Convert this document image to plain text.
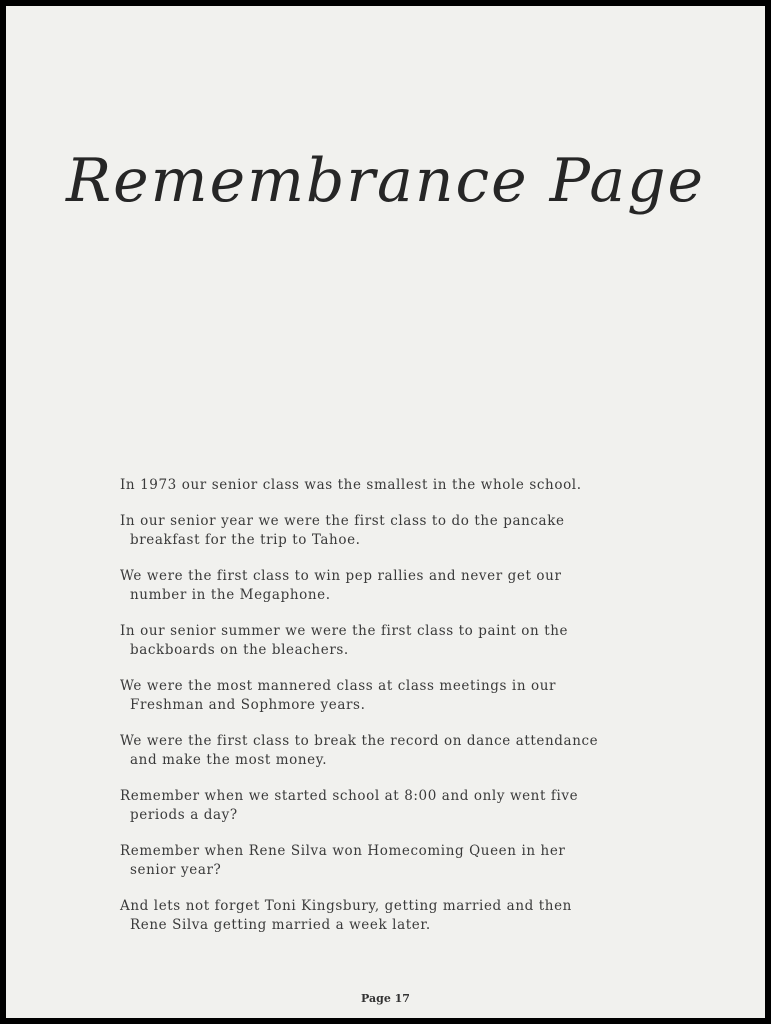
Remembrance Page
In 1973 our senior class was the smallest in the whole school.
In our senior year we were the first class to do the pancake
breakfast for the trip to Tahoe.
We were the first class to win pep rallies and never get our
number in the Megaphone.
In our senior summer we were the first class to paint on the
backboards on the bleachers.
We were the most mannered class at class meetings in our
Freshman and Sophmore years.
We were the first class to break the record on dance attendance
and make the most money.
Remember when we started school at 8:00 and only went five
periods a day?
Remember when Rene Silva won Homecoming Queen in her
senior year?
And lets not forget Toni Kingsbury, getting married and then
Rene Silva getting married a week later.
Page 17
